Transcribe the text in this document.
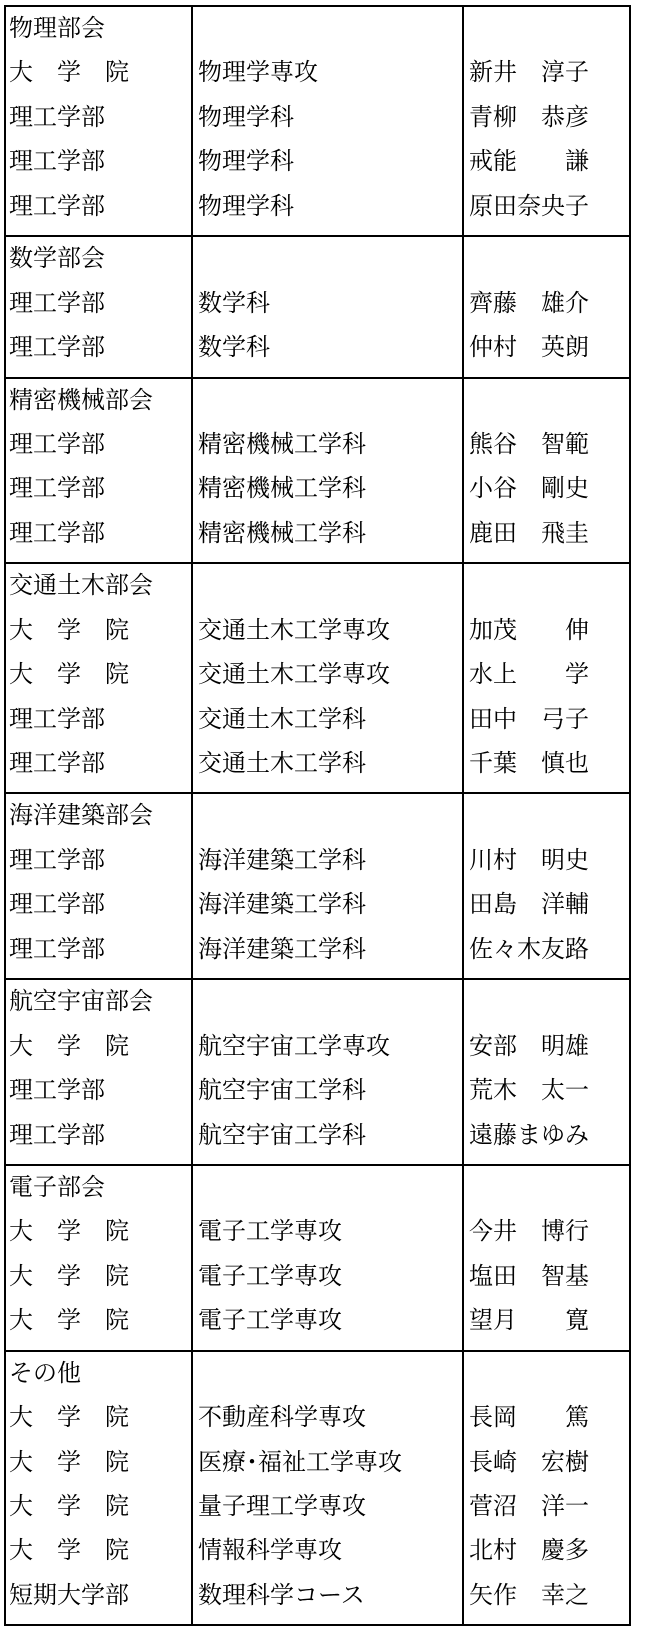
物理部会
大　学　院
理工学部
理工学部
理工学部
物理学専攻
物理学科
物理学科
物理学科
新井　淳子
青柳　恭彦
戒能　　謙
原田奈央子
数学部会
理工学部
理工学部
数学科
数学科
齊藤　雄介
仲村　英朗
精密機械部会
理工学部
理工学部
理工学部
精密機械工学科
精密機械工学科
精密機械工学科
熊谷　智範
小谷　剛史
鹿田　飛圭
交通土木部会
大　学　院
大　学　院
理工学部
理工学部
交通土木工学専攻
交通土木工学専攻
交通土木工学科
交通土木工学科
加茂　　伸
水上　　学
田中　弓子
千葉　慎也
海洋建築部会
理工学部
理工学部
理工学部
海洋建築工学科
海洋建築工学科
海洋建築工学科
川村　明史
田島　洋輔
佐々木友路
航空宇宙部会
大　学　院
理工学部
理工学部
航空宇宙工学専攻
航空宇宙工学科
航空宇宙工学科
安部　明雄
荒木　太一
遠藤まゆみ
電子部会
大　学　院
大　学　院
大　学　院
電子工学専攻
電子工学専攻
電子工学専攻
今井　博行
塩田　智基
望月　　寛
その他
大　学　院
大　学　院
大　学　院
大　学　院
短期大学部
不動産科学専攻
医療･福祉工学専攻
量子理工学専攻
情報科学専攻
数理科学コース
長岡　　篤
長崎　宏樹
菅沼　洋一
北村　慶多
矢作　幸之
